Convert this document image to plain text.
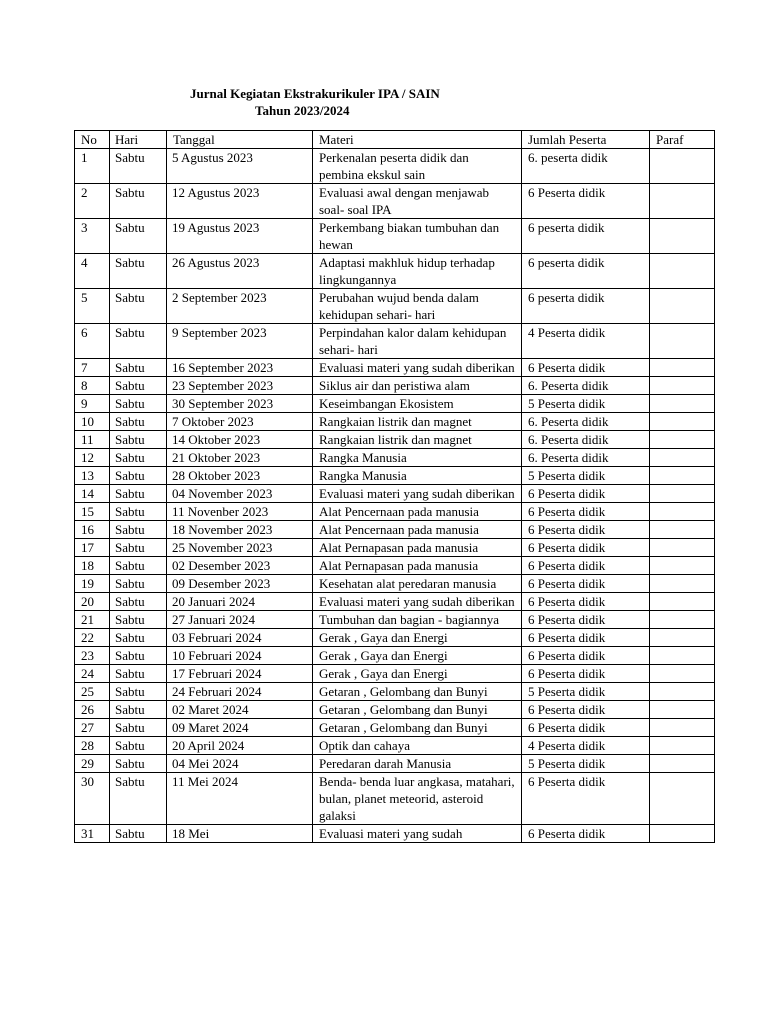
Jurnal Kegiatan Ekstrakurikuler IPA / SAIN
Tahun 2023/2024
No	Hari	Tanggal	Materi	Jumlah Peserta	Paraf
1	Sabtu	5 Agustus 2023	Perkenalan peserta didik dan pembina ekskul sain	6. peserta didik	
2	Sabtu	12 Agustus 2023	Evaluasi awal dengan menjawab soal- soal IPA	6 Peserta didik	
3	Sabtu	19 Agustus 2023	Perkembang biakan tumbuhan dan hewan	6 peserta didik	
4	Sabtu	26 Agustus 2023	Adaptasi makhluk hidup terhadap lingkungannya	6 peserta didik	
5	Sabtu	2 September 2023	Perubahan wujud benda dalam kehidupan sehari- hari	6 peserta didik	
6	Sabtu	9 September 2023	Perpindahan kalor dalam kehidupan sehari- hari	4 Peserta didik	
7	Sabtu	16 September 2023	Evaluasi materi yang sudah diberikan	6 Peserta didik	
8	Sabtu	23 September 2023	Siklus air dan peristiwa alam	6. Peserta didik	
9	Sabtu	30 September 2023	Keseimbangan Ekosistem	5 Peserta didik	
10	Sabtu	7 Oktober 2023	Rangkaian listrik dan magnet	6. Peserta didik	
11	Sabtu	14 Oktober 2023	Rangkaian listrik dan magnet	6. Peserta didik	
12	Sabtu	21 Oktober 2023	Rangka Manusia	6. Peserta didik	
13	Sabtu	28 Oktober 2023	Rangka Manusia	5 Peserta didik	
14	Sabtu	04 November 2023	Evaluasi materi yang sudah diberikan	6 Peserta didik	
15	Sabtu	11 Novenber 2023	Alat Pencernaan pada manusia	6 Peserta didik	
16	Sabtu	18 November 2023	Alat Pencernaan pada manusia	6 Peserta didik	
17	Sabtu	25 November 2023	Alat Pernapasan pada manusia	6 Peserta didik	
18	Sabtu	02 Desember 2023	Alat Pernapasan pada manusia	6 Peserta didik	
19	Sabtu	09 Desember 2023	Kesehatan alat peredaran manusia	6 Peserta didik	
20	Sabtu	20 Januari 2024	Evaluasi materi yang sudah diberikan	6 Peserta didik	
21	Sabtu	27 Januari 2024	Tumbuhan dan bagian - bagiannya	6 Peserta didik	
22	Sabtu	03 Februari 2024	Gerak , Gaya dan Energi	6 Peserta didik	
23	Sabtu	10 Februari 2024	Gerak , Gaya dan Energi	6 Peserta didik	
24	Sabtu	17 Februari 2024	Gerak , Gaya dan Energi	6 Peserta didik	
25	Sabtu	24 Februari 2024	Getaran , Gelombang dan Bunyi	5 Peserta didik	
26	Sabtu	02 Maret 2024	Getaran , Gelombang dan Bunyi	6 Peserta didik	
27	Sabtu	09 Maret 2024	Getaran , Gelombang dan Bunyi	6 Peserta didik	
28	Sabtu	20 April 2024	Optik dan cahaya	4 Peserta didik	
29	Sabtu	04 Mei 2024	Peredaran darah Manusia	5 Peserta didik	
30	Sabtu	11 Mei 2024	Benda- benda luar angkasa, matahari, bulan, planet meteorid, asteroid galaksi	6 Peserta didik	
31	Sabtu	18 Mei	Evaluasi materi yang sudah	6 Peserta didik	
